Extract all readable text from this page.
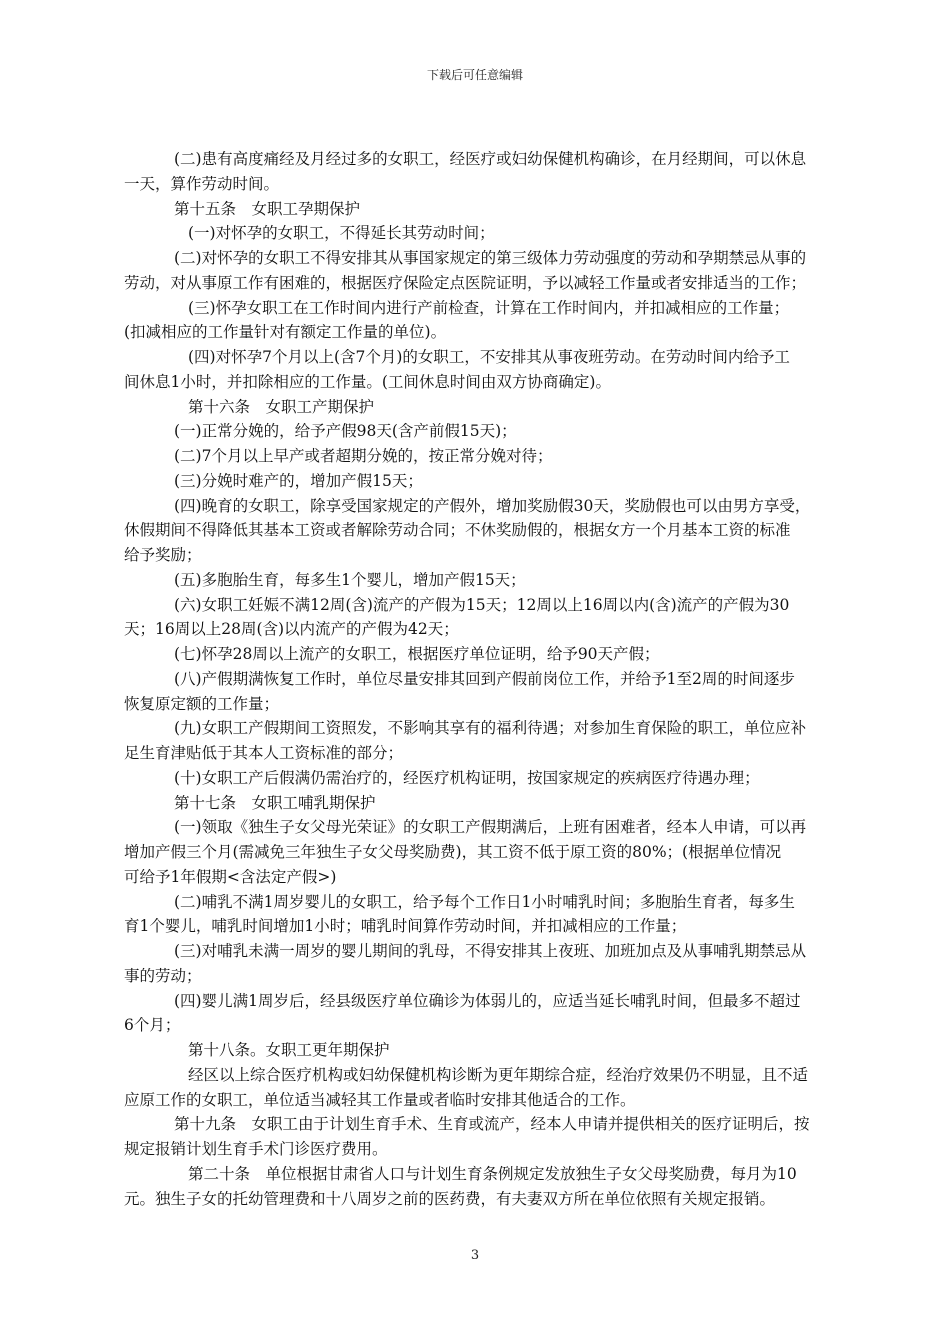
下载后可任意编辑
(二)患有高度痛经及月经过多的女职工，经医疗或妇幼保健机构确诊，在月经期间，可以休息
一天，算作劳动时间。
第十五条　女职工孕期保护
(一)对怀孕的女职工，不得延长其劳动时间；
(二)对怀孕的女职工不得安排其从事国家规定的第三级体力劳动强度的劳动和孕期禁忌从事的
劳动，对从事原工作有困难的，根据医疗保险定点医院证明，予以减轻工作量或者安排适当的工作；
(三)怀孕女职工在工作时间内进行产前检查，计算在工作时间内，并扣减相应的工作量；
(扣减相应的工作量针对有额定工作量的单位)。
(四)对怀孕7个月以上(含7个月)的女职工，不安排其从事夜班劳动。在劳动时间内给予工
间休息1小时，并扣除相应的工作量。(工间休息时间由双方协商确定)。
第十六条　女职工产期保护
(一)正常分娩的，给予产假98天(含产前假15天)；
(二)7个月以上早产或者超期分娩的，按正常分娩对待；
(三)分娩时难产的，增加产假15天；
(四)晚育的女职工，除享受国家规定的产假外，增加奖励假30天，奖励假也可以由男方享受，
休假期间不得降低其基本工资或者解除劳动合同；不休奖励假的，根据女方一个月基本工资的标准
给予奖励；
(五)多胞胎生育，每多生1个婴儿，增加产假15天；
(六)女职工妊娠不满12周(含)流产的产假为15天；12周以上16周以内(含)流产的产假为30
天；16周以上28周(含)以内流产的产假为42天；
(七)怀孕28周以上流产的女职工，根据医疗单位证明，给予90天产假；
(八)产假期满恢复工作时，单位尽量安排其回到产假前岗位工作，并给予1至2周的时间逐步
恢复原定额的工作量；
(九)女职工产假期间工资照发，不影响其享有的福利待遇；对参加生育保险的职工，单位应补
足生育津贴低于其本人工资标准的部分；
(十)女职工产后假满仍需治疗的，经医疗机构证明，按国家规定的疾病医疗待遇办理；
第十七条　女职工哺乳期保护
(一)领取《独生子女父母光荣证》的女职工产假期满后，上班有困难者，经本人申请，可以再
增加产假三个月(需减免三年独生子女父母奖励费)，其工资不低于原工资的80%；(根据单位情况
可给予1年假期<含法定产假>)
(二)哺乳不满1周岁婴儿的女职工，给予每个工作日1小时哺乳时间；多胞胎生育者，每多生
育1个婴儿，哺乳时间增加1小时；哺乳时间算作劳动时间，并扣减相应的工作量；
(三)对哺乳未满一周岁的婴儿期间的乳母，不得安排其上夜班、加班加点及从事哺乳期禁忌从
事的劳动；
(四)婴儿满1周岁后，经县级医疗单位确诊为体弱儿的，应适当延长哺乳时间，但最多不超过
6个月；
第十八条。女职工更年期保护
经区以上综合医疗机构或妇幼保健机构诊断为更年期综合症，经治疗效果仍不明显，且不适
应原工作的女职工，单位适当减轻其工作量或者临时安排其他适合的工作。
第十九条　女职工由于计划生育手术、生育或流产，经本人申请并提供相关的医疗证明后，按
规定报销计划生育手术门诊医疗费用。
第二十条　单位根据甘肃省人口与计划生育条例规定发放独生子女父母奖励费，每月为10
元。独生子女的托幼管理费和十八周岁之前的医药费，有夫妻双方所在单位依照有关规定报销。
3
